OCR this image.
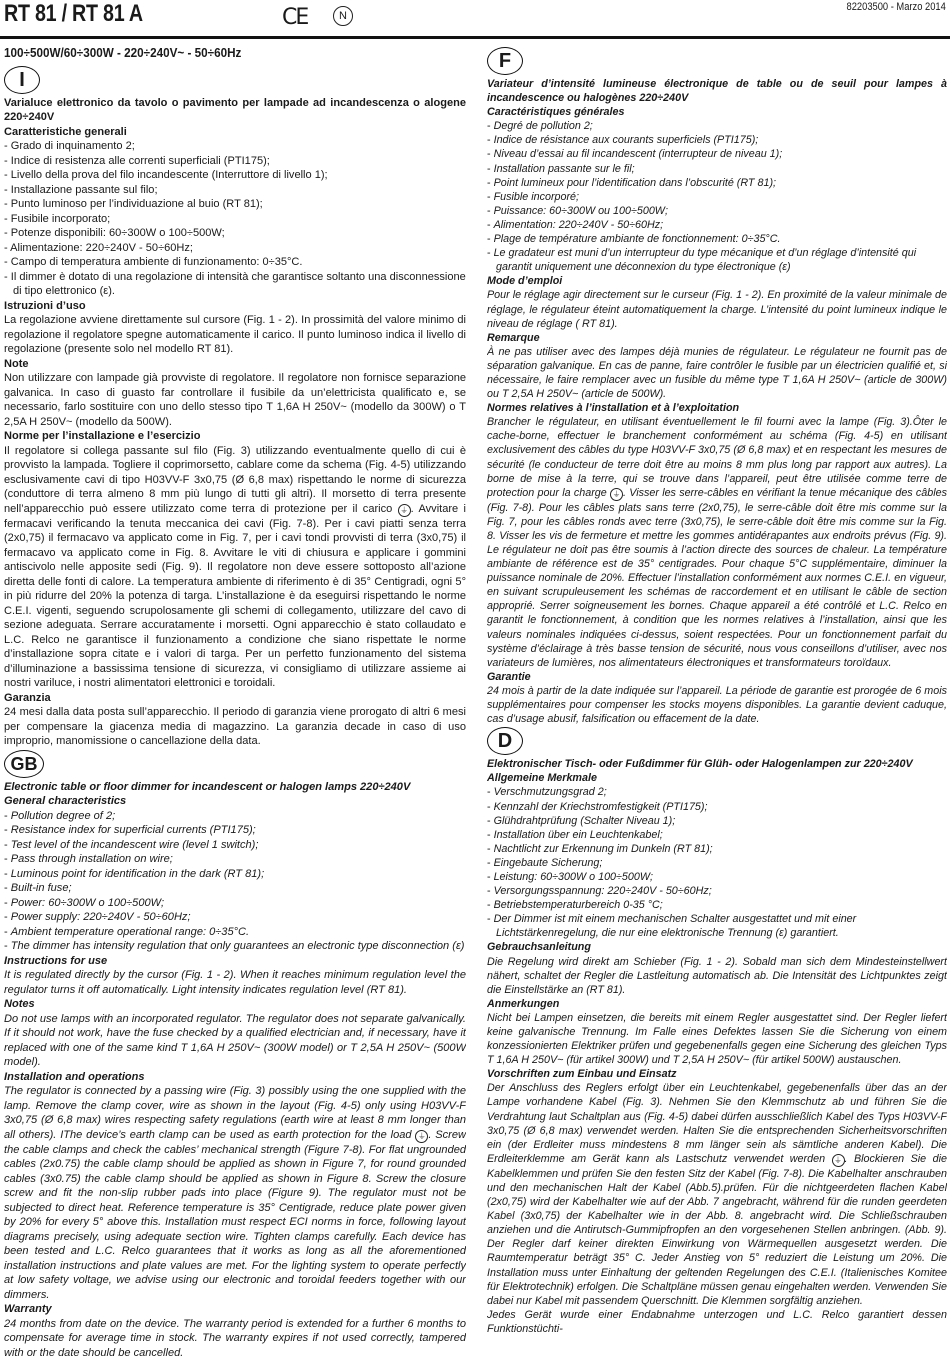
RT 81 / RT 81 A	CE	N
82203500 - Marzo 2014
100÷500W/60÷300W - 220÷240V~ - 50÷60Hz
I

Varialuce elettronico da tavolo o pavimento per lampade ad incandescenza o alogene 220÷240V

Caratteristiche generali
- Grado di inquinamento 2;
- Indice di resistenza alle correnti superficiali (PTI175);
- Livello della prova del filo incandescente (Interruttore di livello 1);
- Installazione passante sul filo;
- Punto luminoso per l’individuazione al buio (RT 81);
- Fusibile incorporato;
- Potenze disponibili: 60÷300W o 100÷500W;
- Alimentazione: 220÷240V - 50÷60Hz;
- Campo di temperatura ambiente di funzionamento: 0÷35°C.
- Il dimmer è dotato di una regolazione di intensità che garantisce soltanto una disconnessione di tipo elettronico (ε).
Istruzioni d’uso

La regolazione avviene direttamente sul cursore (Fig. 1 - 2). In prossimità del valore minimo di regolazione il regolatore spegne automaticamente il carico. Il punto luminoso indica il livello di regolazione (presente solo nel modello RT 81).

Note

Non utilizzare con lampade già provviste di regolatore. Il regolatore non fornisce separazione galvanica. In caso di guasto far controllare il fusibile da un’elettricista qualificato e, se necessario, farlo sostituire con uno dello stesso tipo T 1,6A H 250V~ (modello da 300W) o T 2,5A H 250V~ (modello da 500W).

Norme per l’installazione e l’esercizio

Il regolatore si collega passante sul filo (Fig. 3) utilizzando eventualmente quello di cui è provvisto la lampada. Togliere il coprimorsetto, cablare come da schema (Fig. 4-5) utilizzando esclusivamente cavi di tipo H03VV-F 3x0,75 (Ø 6,8 max) rispettando le norme di sicurezza (conduttore di terra almeno 8 mm più lungo di tutti gli altri). Il morsetto di terra presente nell’apparecchio può essere utilizzato come terra di protezione per il carico ⏚ . Avvitare i fermacavi verificando la tenuta meccanica dei cavi (Fig. 7-8). Per i cavi piatti senza terra (2x0,75) il fermacavo va applicato come in Fig. 7, per i cavi tondi provvisti di terra (3x0,75) il fermacavo va applicato come in Fig. 8. Avvitare le viti di chiusura e applicare i gommini antiscivolo nelle apposite sedi (Fig. 9). Il regolatore non deve essere sottoposto all’azione diretta delle fonti di calore. La temperatura ambiente di riferimento è di 35° Centigradi, ogni 5° in più ridurre del 20% la potenza di targa. L’installazione è da eseguirsi rispettando le norme C.E.I. vigenti, seguendo scrupolosamente gli schemi di collegamento, utilizzare del cavo di sezione adeguata. Serrare accuratamente i morsetti. Ogni apparecchio è stato collaudato e L.C. Relco ne garantisce il funzionamento a condizione che siano rispettate le norme d’installazione sopra citate e i valori di targa. Per un perfetto funzionamento del sistema d’illuminazione a bassissima tensione di sicurezza, vi consigliamo di utilizzare assieme ai nostri variluce, i nostri alimentatori elettronici e toroidali.

Garanzia

24 mesi dalla data posta sull’apparecchio. Il periodo di garanzia viene prorogato di altri 6 mesi per compensare la giacenza media di magazzino. La garanzia decade in caso di uso improprio, manomissione o cancellazione della data.

GB

Electronic table or floor dimmer for incandescent or halogen lamps 220÷240V

General characteristics
- Pollution degree of 2;
- Resistance index for superficial currents (PTI175);
- Test level of the incandescent wire (level 1 switch);
- Pass through installation on wire;
- Luminous point for identification in the dark (RT 81);
- Built-in fuse;
- Power: 60÷300W o 100÷500W;
- Power supply: 220÷240V - 50÷60Hz;
- Ambient temperature operational range: 0÷35°C.
- The dimmer has intensity regulation that only guarantees an electronic type disconnection (ε)
Instructions for use

It is regulated directly by the cursor (Fig. 1 - 2). When it reaches minimum regulation level the regulator turns it off automatically. Light intensity indicates regulation level (RT 81).

Notes

Do not use lamps with an incorporated regulator. The regulator does not separate galvanically. If it should not work, have the fuse checked by a qualified electrician and, if necessary, have it replaced with one of the same kind T 1,6A H 250V~ (300W model) or T 2,5A H 250V~ (500W model).

Installation and operations

The regulator is connected by a passing wire (Fig. 3) possibly using the one supplied with the lamp. Remove the clamp cover, wire as shown in the layout (Fig. 4-5) only using H03VV-F 3x0,75 (Ø 6,8 max) wires respecting safety regulations (earth wire at least 8 mm longer than all others). IThe device’s earth clamp can be used as earth protection for the load ⏚ . Screw the cable clamps and check the cables’ mechanical strength (Figure 7-8). For flat ungrounded cables (2x0.75) the cable clamp should be applied as shown in Figure 7, for round grounded cables (3x0.75) the cable clamp should be applied as shown in Figure 8. Screw the closure screw and fit the non-slip rubber pads into place (Figure 9). The regulator must not be subjected to direct heat. Reference temperature is 35° Centigrade, reduce plate power given by 20% for every 5° above this. Installation must respect ECI norms in force, following layout diagrams precisely, using adequate section wire. Tighten clamps carefully. Each device has been tested and L.C. Relco guarantees that it works as long as all the aforementioned installation instructions and plate values are met. For the lighting system to operate perfectly at low safety voltage, we advise using our electronic and toroidal feeders together with our dimmers.

Warranty

24 months from date on the device. The warranty period is extended for a further 6 months to compensate for average time in stock. The warranty expires if not used correctly, tampered with or the date should be cancelled.

F

Variateur d’intensité lumineuse électronique de table ou de seuil pour lampes à incandescence ou halogènes 220÷240V

Caractéristiques générales
- Degré de pollution 2;
- Indice de résistance aux courants superficiels (PTI175);
- Niveau d’essai au fil incandescent (interrupteur de niveau 1);
- Installation passante sur le fil;
- Point lumineux pour l’identification dans l’obscurité (RT 81);
- Fusible incorporé;
- Puissance: 60÷300W ou 100÷500W;
- Alimentation: 220÷240V - 50÷60Hz;
- Plage de température ambiante de fonctionnement: 0÷35°C.
- Le gradateur est muni d’un interrupteur du type mécanique et d’un réglage d’intensité qui garantit uniquement une déconnexion du type électronique (ε)
Mode d’emploi

Pour le réglage agir directement sur le curseur (Fig. 1 - 2). En proximité de la valeur minimale de réglage, le régulateur éteint automatiquement la charge. L’intensité du point lumineux indique le niveau de réglage ( RT 81).

Remarque

À ne pas utiliser avec des lampes déjà munies de régulateur. Le régulateur ne fournit pas de séparation galvanique. En cas de panne, faire contrôler le fusible par un électricien qualifié et, si nécessaire, le faire remplacer avec un fusible du même type T 1,6A H 250V~ (article de 300W) ou T 2,5A H 250V~ (article de 500W).

Normes relatives à l’installation et à l’exploitation

Brancher le régulateur, en utilisant éventuellement le fil fourni avec la lampe (Fig. 3).Ôter le cache-borne, effectuer le branchement conformément au schéma (Fig. 4-5) en utilisant exclusivement des câbles du type H03VV-F 3x0,75 (Ø 6,8 max) et en respectant les mesures de sécurité (le conducteur de terre doit être au moins 8 mm plus long par rapport aux autres). La borne de mise à la terre, qui se trouve dans l’appareil, peut être utilisée comme terre de protection pour la charge ⏚ . Visser les serre-câbles en vérifiant la tenue mécanique des câbles (Fig. 7-8). Pour les câbles plats sans terre (2x0,75), le serre-câble doit être mis comme sur la Fig. 7, pour les câbles ronds avec terre (3x0,75), le serre-câble doit être mis comme sur la Fig. 8. Visser les vis de fermeture et mettre les gommes antidérapantes aux endroits prévus (Fig. 9). Le régulateur ne doit pas être soumis à l’action directe des sources de chaleur. La température ambiante de référence est de 35° centigrades. Pour chaque 5°C supplémentaire, diminuer la puissance nominale de 20%. Effectuer l’installation conformément aux normes C.E.I. en vigueur, en suivant scrupuleusement les schémas de raccordement et en utilisant le câble de section approprié. Serrer soigneusement les bornes. Chaque appareil a été contrôlé et L.C. Relco en garantit le fonctionnement, à condition que les normes relatives à l’installation, ainsi que les valeurs nominales indiquées ci-dessus, soient respectées. Pour un fonctionnement parfait du système d’éclairage à très basse tension de sécurité, nous vous conseillons d’utiliser, avec nos variateurs de lumières, nos alimentateurs électroniques et transformateurs toroïdaux.

Garantie

24 mois à partir de la date indiquée sur l’appareil. La période de garantie est prorogée de 6 mois supplémentaires pour compenser les stocks moyens disponibles. La garantie devient caduque, cas d’usage abusif, falsification ou effacement de la date.

D

Elektronischer Tisch- oder Fußdimmer für Glüh- oder Halogenlampen zur 220÷240V

Allgemeine Merkmale
- Verschmutzungsgrad 2;
- Kennzahl der Kriechstromfestigkeit (PTI175);
- Glühdrahtprüfung (Schalter Niveau 1);
- Installation über ein Leuchtenkabel;
- Nachtlicht zur Erkennung im Dunkeln (RT 81);
- Eingebaute Sicherung;
- Leistung: 60÷300W o 100÷500W;
- Versorgungsspannung: 220÷240V - 50÷60Hz;
- Betriebstemperaturbereich 0-35 °C;
- Der Dimmer ist mit einem mechanischen Schalter ausgestattet und mit einer Lichtstärkenregelung, die nur eine elektronische Trennung (ε) garantiert.
Gebrauchsanleitung

Die Regelung wird direkt am Schieber (Fig. 1 - 2). Sobald man sich dem Mindesteinstellwert nähert, schaltet der Regler die Lastleitung automatisch ab. Die Intensität des Lichtpunktes zeigt die Einstellstärke an (RT 81).

Anmerkungen

Nicht bei Lampen einsetzen, die bereits mit einem Regler ausgestattet sind. Der Regler liefert keine galvanische Trennung. Im Falle eines Defektes lassen Sie die Sicherung von einem konzessionierten Elektriker prüfen und gegebenenfalls gegen eine Sicherung des gleichen Typs T 1,6A H 250V~ (für artikel 300W) und T 2,5A H 250V~ (für artikel 500W) austauschen.

Vorschriften zum Einbau und Einsatz

Der Anschluss des Reglers erfolgt über ein Leuchtenkabel, gegebenenfalls über das an der Lampe vorhandene Kabel (Fig. 3). Nehmen Sie den Klemmschutz ab und führen Sie die Verdrahtung laut Schaltplan aus (Fig. 4-5) dabei dürfen ausschließlich Kabel des Typs H03VV-F 3x0,75 (Ø 6,8 max) verwendet werden. Halten Sie die entsprechenden Sicherheitsvorschriften ein (der Erdleiter muss mindestens 8 mm länger sein als sämtliche anderen Kabel). Die Erdleiterklemme am Gerät kann als Lastschutz verwendet werden ⏚ . Blockieren Sie die Kabelklemmen und prüfen Sie den festen Sitz der Kabel (Fig. 7-8). Die Kabelhalter anschrauben und den mechanischen Halt der Kabel (Abb.5).prüfen. Für die nichtgeerdeten flachen Kabel (2x0,75) wird der Kabelhalter wie auf der Abb. 7 angebracht, während für die runden geerdeten Kabel (3x0,75) der Kabelhalter wie in der Abb. 8. angebracht wird. Die Schließschrauben anziehen und die Antirutsch-Gummipfropfen an den vorgesehenen Stellen anbringen. (Abb. 9). Der Regler darf keiner direkten Einwirkung von Wärmequellen ausgesetzt werden. Die Raumtemperatur beträgt 35° C. Jeder Anstieg von 5° reduziert die Leistung um 20%. Die Installation muss unter Einhaltung der geltenden Regelungen des C.E.I. (Italienisches Komitee für Elektrotechnik) erfolgen. Die Schaltpläne müssen genau eingehalten werden. Verwenden Sie dabei nur Kabel mit passendem Querschnitt. Die Klemmen sorgfältig anziehen.

Jedes Gerät wurde einer Endabnahme unterzogen und L.C. Relco garantiert dessen Funktionstüchti-
